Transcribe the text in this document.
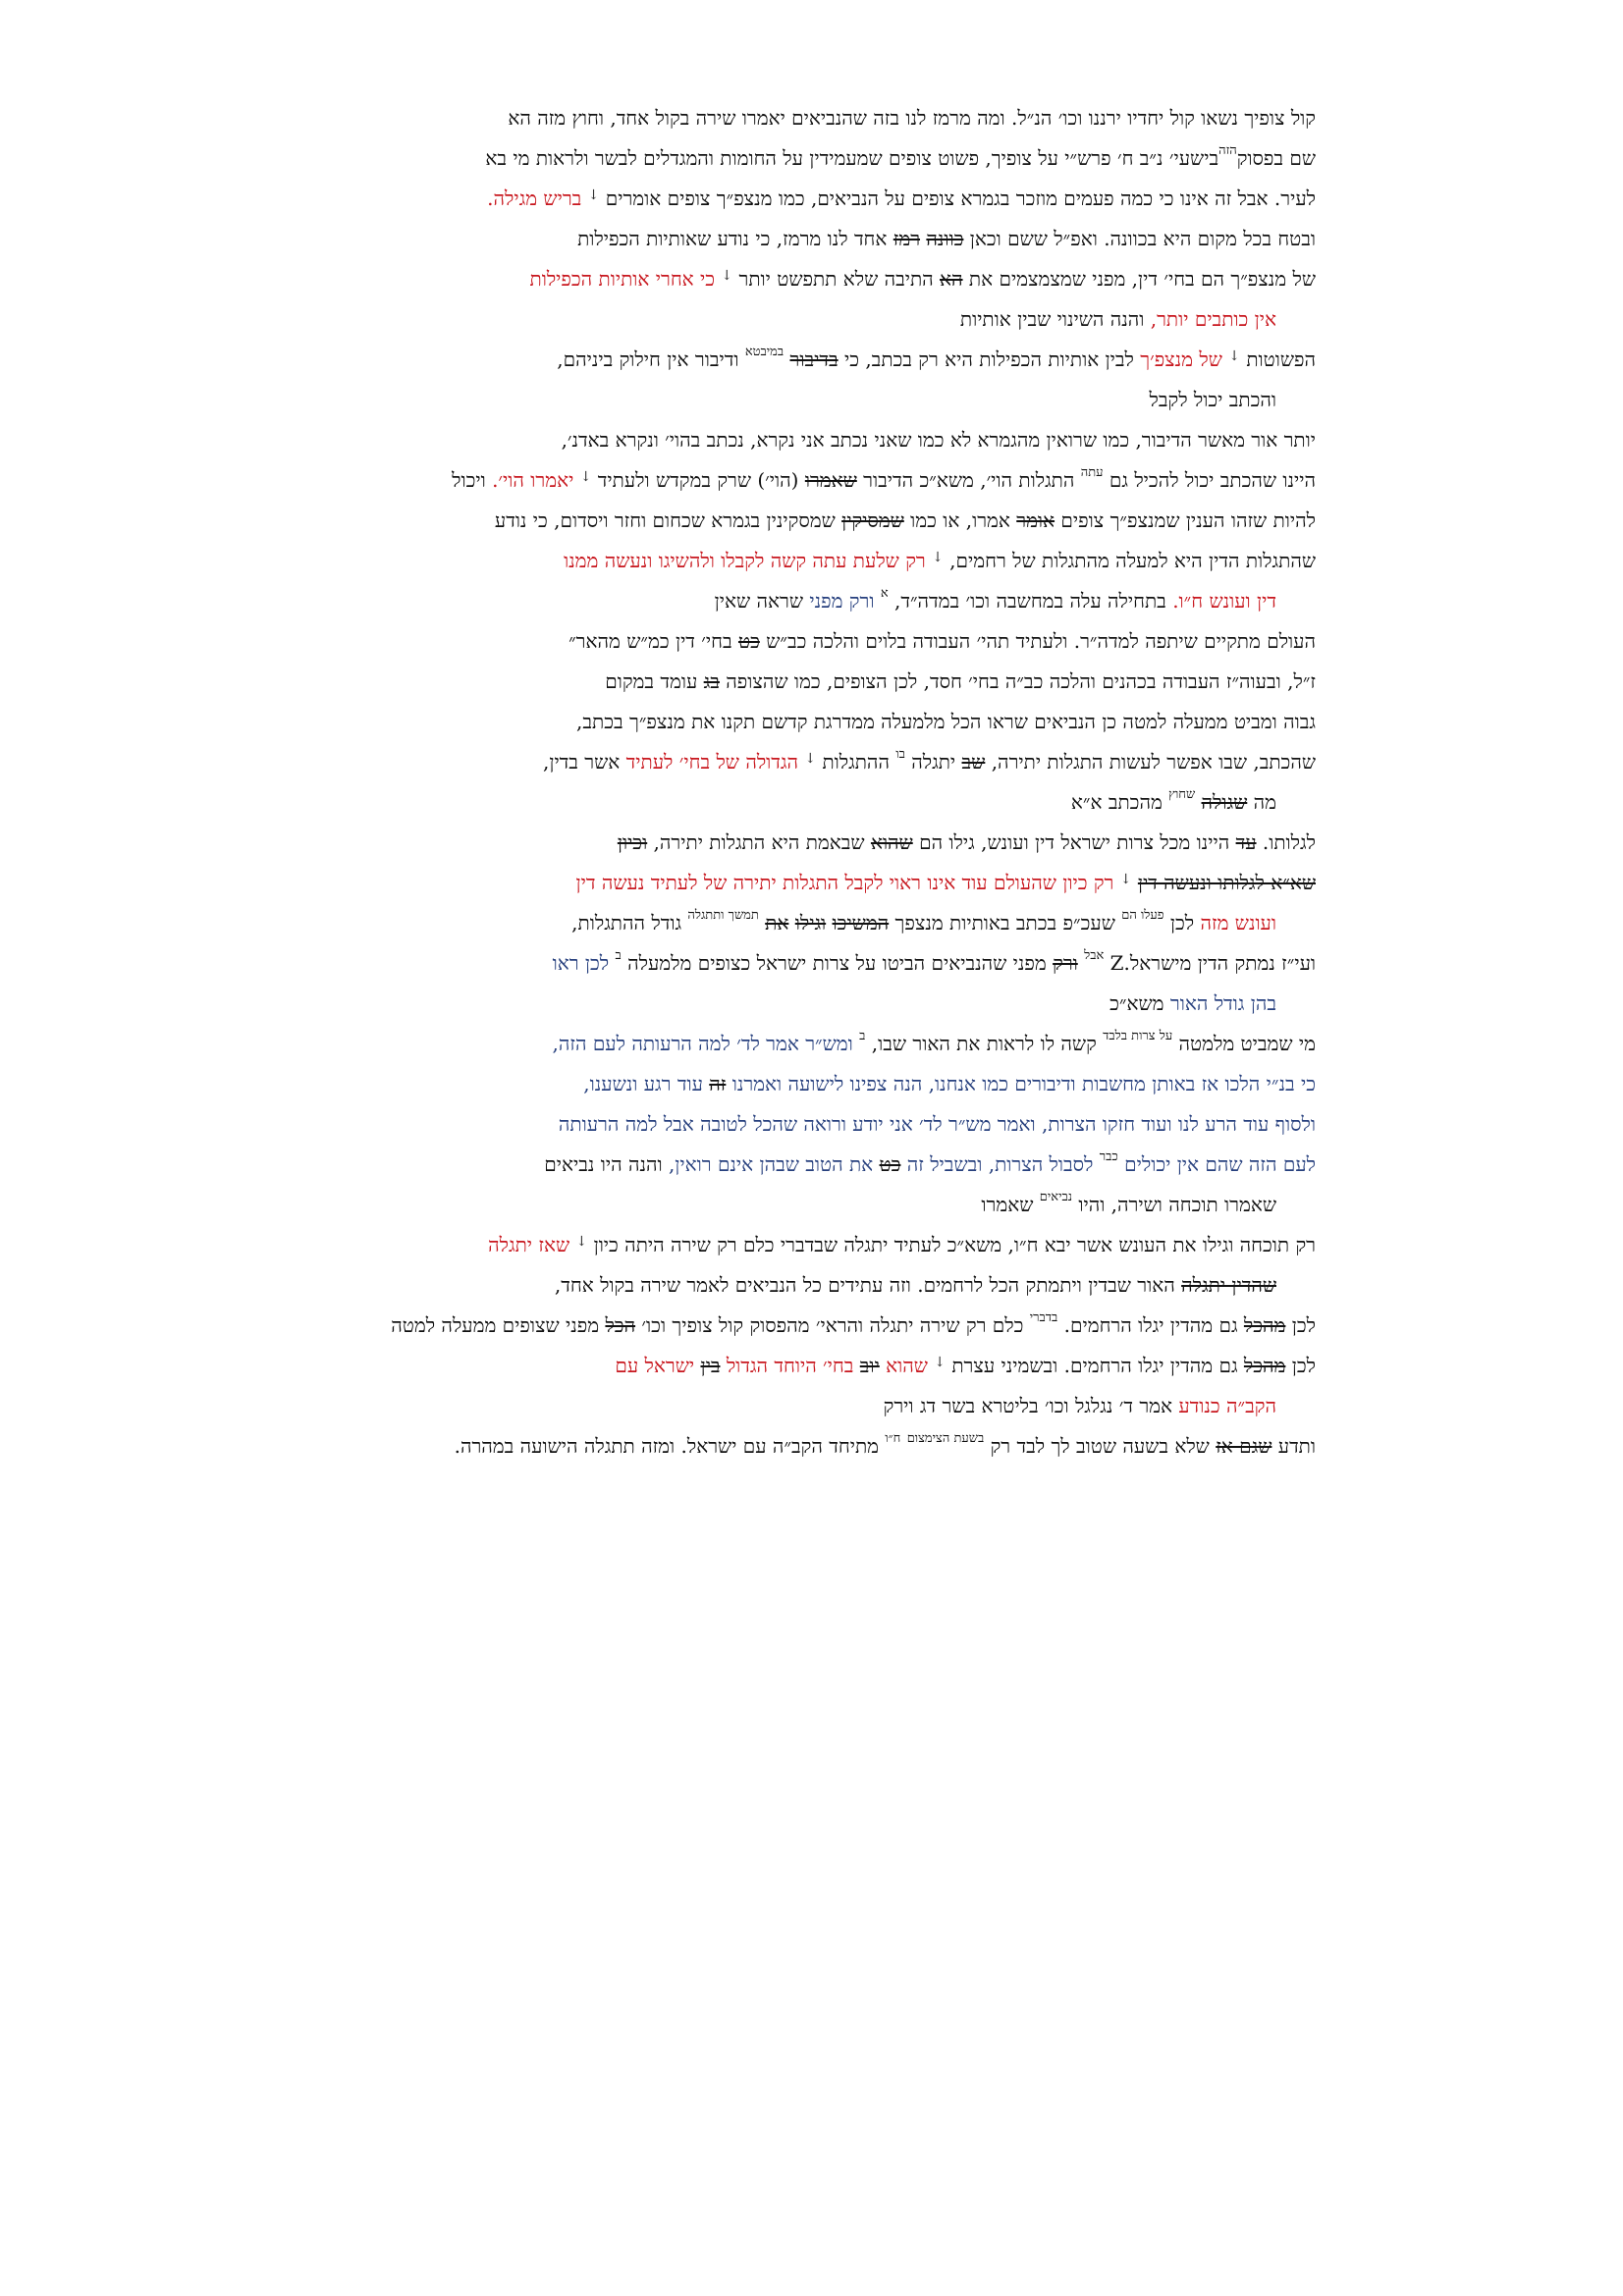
קול צופיך נשאו קול יחדיו ירננו וכו׳ הנ״ל. ומה מרמז לנו בזה שהנביאים יאמרו שירה בקול אחד, וחוץ מזה הא
שם בפסוק$^{הזה}$בישעי׳ נ״ב ח׳ פרש״י על צופיך, פשוט צופים שמעמידין על החומות והמגדלים לבשר ולראות מי בא
לעיר. אבל זה אינו כי כמה פעמים מוזכר בגמרא צופים על הנביאים, כמו מנצפ״ך צופים אומרים ↓ בריש מגילה.
ובטח בכל מקום היא בכוונה. ואפ״ל ששם וכאן כוונה רמז אחד לנו מרמז, כי נודע שאותיות הכפילות
של מנצפ״ך הם בחי׳ דין, מפני שמצמצמים את הא התיבה שלא תתפשט יותר ↓ כי אחרי אותיות הכפילות
אין כותבים יותר, והנה השינוי שבין אותיות
הפשוטות ↓ של מנצפ׳ך לבין אותיות הכפילות היא רק בכתב, כי בדיבור $^{במיבטא}$ ודיבור אין חילוק ביניהם,
והכתב יכול לקבל
יותר אור מאשר הדיבור, כמו שרואין מהגמרא לא כמו שאני נכתב אני נקרא, נכתב בהוי׳ ונקרא באדנ׳,
היינו שהכתב יכול להכיל גם $^{עתה}$ התגלות הוי׳, משא״כ הדיבור שאמרו (הוי׳) שרק במקדש ולעתיד ↓ יאמרו הוי׳. ויכול
להיות שזהו הענין שמנצפ״ך צופים אומר אמרו, או כמו שמסיקין שמסקינין בגמרא שכחום וחזר ויסדום, כי נודע
שהתגלות הדין היא למעלה מהתגלות של רחמים, ↓ רק שלעת עתה קשה לקבלו ולהשיגו ונעשה ממנו
דין ועונש ח״ו. בתחילה עלה במחשבה וכו׳ במדה״ד, $^א$ ורק מפני שראה שאין
העולם מתקיים שיתפה למדה״ר. ולעתיד תהי׳ העבודה בלוים והלכה כב״ש כט בחי׳ דין כמ״ש מהאר״
ז״ל, ובעוה״ז העבודה בכהנים והלכה כב״ה בחי׳ חסד, לכן הצופים, כמו שהצופה בג עומד במקום
גבוה ומביט ממעלה למטה כן הנביאים שראו הכל מלמעלה ממדרגת קדשם תקנו את מנצפ״ך בכתב,
שהכתב, שבו אפשר לעשות התגלות יתירה, שב יתגלה $^{בו}$ ההתגלות ↓ הגדולה של בחי׳ לעתיד אשר בדין,
מה שגולה $^{שחוץ}$ מהכתב א״א
לגלותו. עד היינו מכל צרות ישראל דין ועונש, גילו הם שהוא שבאמת היא התגלות יתירה, וכיון
שא״א לגלותו ונעשה דין ↓ רק כיון שהעולם עוד אינו ראוי לקבל התגלות יתירה של לעתיד נעשה דין
ועונש מזה לכן $^{פעלו הם}$ שעכ״פ בכתב באותיות מנצפך המשיכו וגילו את $^{תמשך ותתגלה}$ גודל ההתגלות,
ועי״ז נמתק הדין מישראל.Z $^{אבל}$ ורק מפני שהנביאים הביטו על צרות ישראל כצופים מלמעלה $^ב$ לכן ראו
בהן גודל האור משא״כ
מי שמביט מלמטה $^{על צרות בלבד}$ קשה לו לראות את האור שבו, $^ב$ ומש״ר אמר לד׳ למה הרעותה לעם הזה,
כי בנ״י הלכו אז באותן מחשבות ודיבורים כמו אנחנו, הנה צפינו לישועה ואמרנו זה עוד רגע ונשענו,
ולסוף עוד הרע לנו ועוד חזקו הצרות, ואמר מש״ר לד׳ אני יודע ורואה שהכל לטובה אבל למה הרעותה
לעם הזה שהם אין יכולים $^{כבר}$ לסבול הצרות, ובשביל זה כט את הטוב שבהן אינם רואין, והנה היו נביאים
שאמרו תוכחה ושירה, והיו $^{נביאים}$ שאמרו
רק תוכחה וגילו את העונש אשר יבא ח״ו, משא״כ לעתיד יתגלה שבדברי כלם רק שירה היתה כיון ↓ שאז יתגלה
שהדין יתגלה האור שבדין ויתמתק הכל לרחמים. וזה עתידים כל הנביאים לאמר שירה בקול אחד,
לכן מהכל גם מהדין יגלו הרחמים. $^{בדברי}$ כלם רק שירה יתגלה והראי׳ מהפסוק קול צופיך וכו׳ הכל מפני שצופים ממעלה למטה
לכן מהכל גם מהדין יגלו הרחמים. ובשמיני עצרת ↓ שהוא יוב בחי׳ היוחד הגדול בין ישראל עם
הקב״ה כנודע אמר ד׳ נגלגל וכו׳ בליטרא בשר דג וירק
ותדע שגם אז שלא בשעה שטוב לך לבד רק $^{בשעת הצימצום}$ $^{ח״ו}$ מתיחד הקב״ה עם ישראל. ומזה תתגלה הישועה במהרה.
